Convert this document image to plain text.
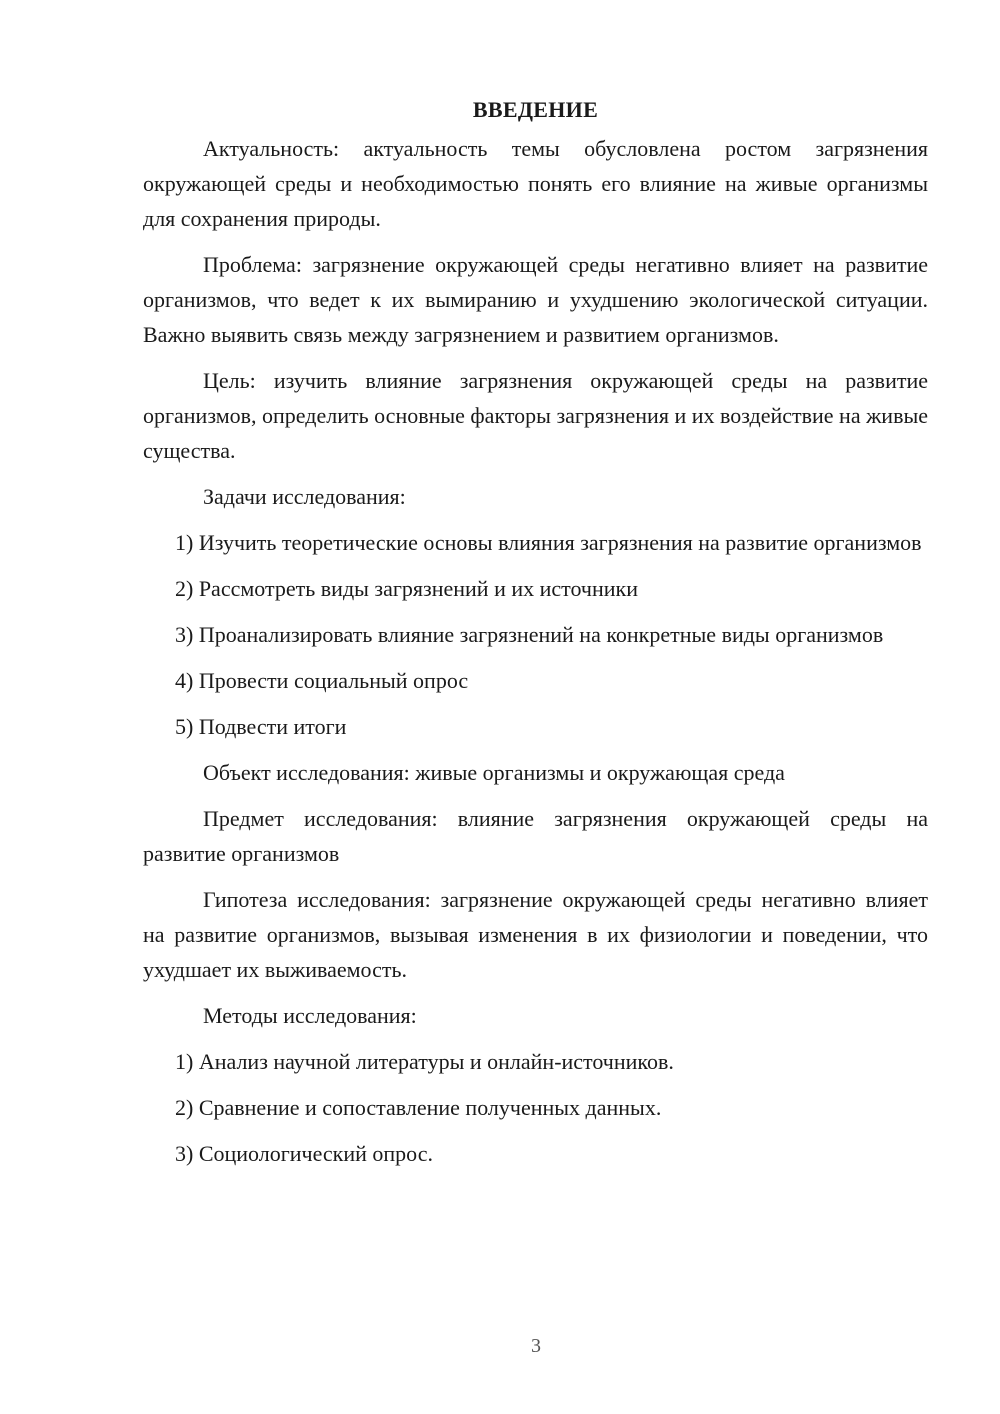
ВВЕДЕНИЕ

Актуальность: актуальность темы обусловлена ростом загрязнения окружающей среды и необходимостью понять его влияние на живые организмы для сохранения природы.

Проблема: загрязнение окружающей среды негативно влияет на развитие организмов, что ведет к их вымиранию и ухудшению экологической ситуации. Важно выявить связь между загрязнением и развитием организмов.

Цель: изучить влияние загрязнения окружающей среды на развитие организмов, определить основные факторы загрязнения и их воздействие на живые существа.

Задачи исследования:

1) Изучить теоретические основы влияния загрязнения на развитие организмов

2) Рассмотреть виды загрязнений и их источники

3) Проанализировать влияние загрязнений на конкретные виды организмов

4) Провести социальный опрос

5) Подвести итоги

Объект исследования: живые организмы и окружающая среда

Предмет исследования: влияние загрязнения окружающей среды на развитие организмов

Гипотеза исследования: загрязнение окружающей среды негативно влияет на развитие организмов, вызывая изменения в их физиологии и поведении, что ухудшает их выживаемость.

Методы исследования:

1) Анализ научной литературы и онлайн-источников.

2) Сравнение и сопоставление полученных данных.

3) Социологический опрос.

3
